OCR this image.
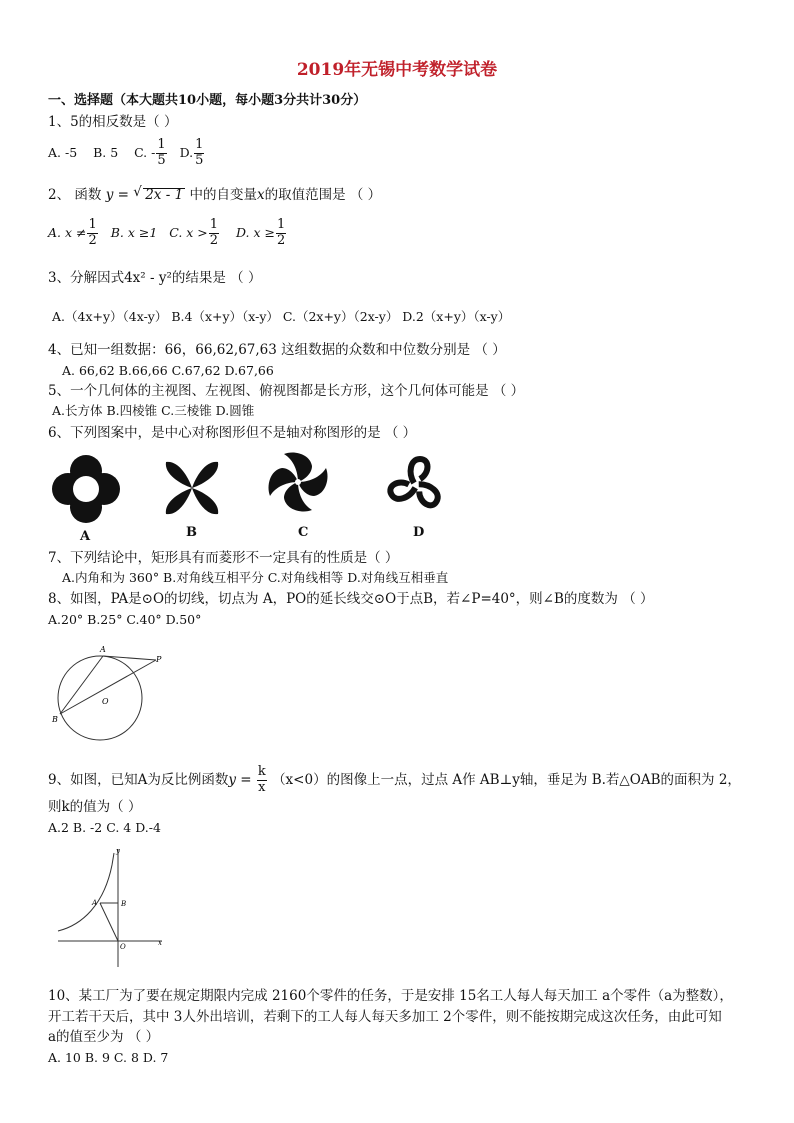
2019年无锡中考数学试卷
一、选择题（本大题共10小题，每小题3分共计30分）
1、5的相反数是（ ）
A. -5 B. 5 C. - $\frac{1}{5} D$. $\frac{1}{5}$
2、 函数 y = √ 2x - 1 中的自变量x的取值范围是 （ ）
A. $x \ne \frac{1}{2} B$. x ≥1 C. $x > \frac{1}{2} D$. $x \ge \frac{1}{2}$
3、分解因式4x² - y²的结果是 （ ）
A.（4x+y）（4x-y） B.4（x+y）（x-y） C.（2x+y）（2x-y） D.2（x+y）（x-y）
4、已知一组数据：66，66,62,67,63 这组数据的众数和中位数分别是 （ ）
A. 66,62 B.66,66 C.67,62 D.67,66
5、一个几何体的主视图、左视图、俯视图都是长方形，这个几何体可能是 （ ）
A.长方体 B.四棱锥 C.三棱锥 D.圆锥
6、下列图案中，是中心对称图形但不是轴对称图形的是 （ ）
A	B	C	D
7、下列结论中，矩形具有而菱形不一定具有的性质是（ ）
A.内角和为 360° B.对角线互相平分 C.对角线相等 D.对角线互相垂直
8、如图，PA是⊙O的切线，切点为 A，PO的延长线交⊙O于点B，若∠P=40°，则∠B的度数为 （ ）
A.20° B.25° C.40° D.50°
A
P
O
B
9、如图，已知A为反比例函数$y = \frac{k}{x} (x<0)$的图像上一点，过点 A作 AB⊥y轴，垂足为 B.若△OAB的面积为 2，
则k的值为（ ）
A.2 B. -2 C. 4 D.-4
y
A	B
O	x
10、某工厂为了要在规定期限内完成 2160个零件的任务，于是安排 15名工人每人每天加工 a个零件（a为整数），
开工若干天后，其中 3人外出培训，若剩下的工人每人每天多加工 2个零件，则不能按期完成这次任务，由此可知
a的值至少为 （ ）
A. 10 B. 9 C. 8 D. 7
